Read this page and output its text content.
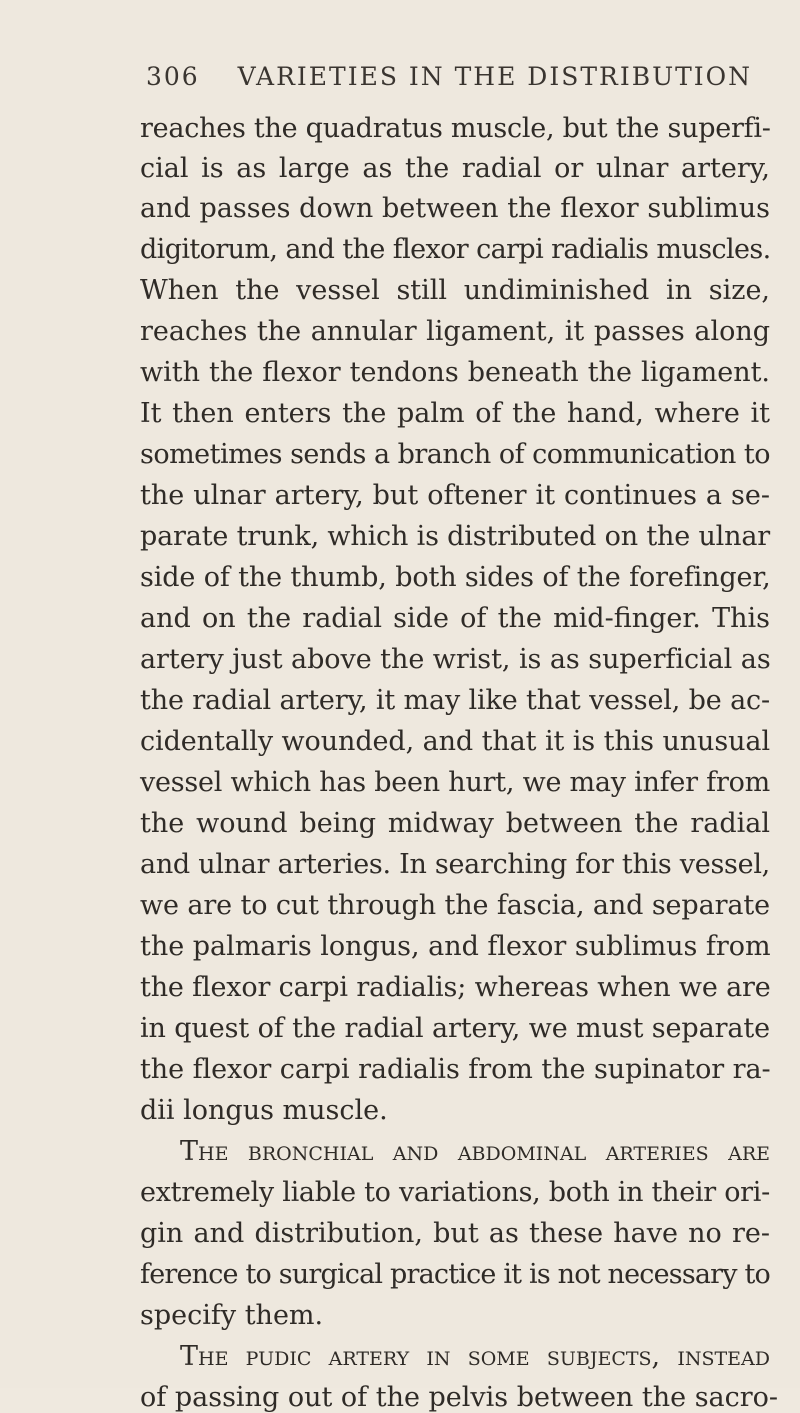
306 VARIETIES IN THE DISTRIBUTION
reaches the quadratus muscle, but the superfi-
cial is as large as the radial or ulnar artery,
and passes down between the flexor sublimus
digitorum, and the flexor carpi radialis muscles.
When the vessel still undiminished in size,
reaches the annular ligament, it passes along
with the flexor tendons beneath the ligament.
It then enters the palm of the hand, where it
sometimes sends a branch of communication to
the ulnar artery, but oftener it continues a se-
parate trunk, which is distributed on the ulnar
side of the thumb, both sides of the forefinger,
and on the radial side of the mid-finger. This
artery just above the wrist, is as superficial as
the radial artery, it may like that vessel, be ac-
cidentally wounded, and that it is this unusual
vessel which has been hurt, we may infer from
the wound being midway between the radial
and ulnar arteries. In searching for this vessel,
we are to cut through the fascia, and separate
the palmaris longus, and flexor sublimus from
the flexor carpi radialis; whereas when we are
in quest of the radial artery, we must separate
the flexor carpi radialis from the supinator ra-
dii longus muscle.
The bronchial and abdominal arteries are
extremely liable to variations, both in their ori-
gin and distribution, but as these have no re-
ference to surgical practice it is not necessary to
specify them.
The pudic artery in some subjects, instead
of passing out of the pelvis between the sacro-
